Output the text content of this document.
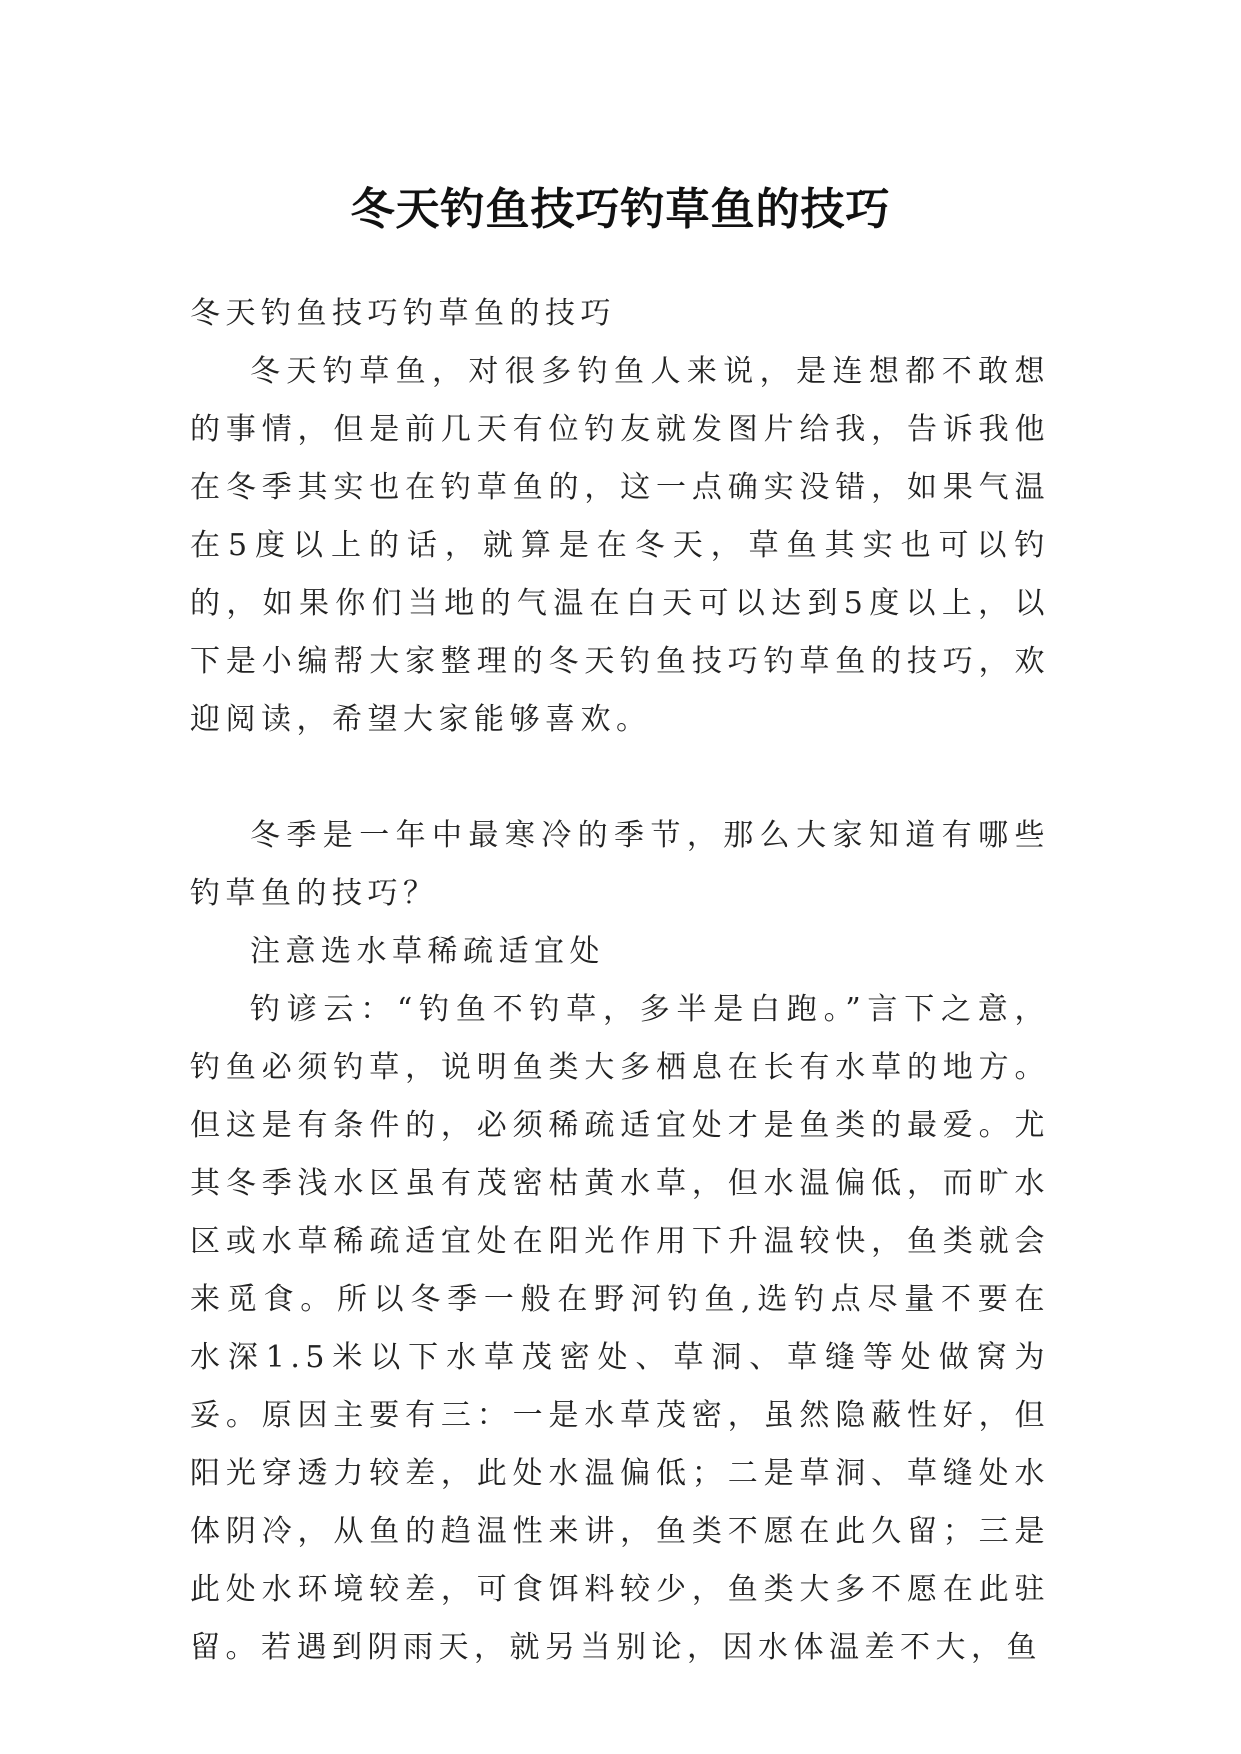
冬天钓鱼技巧钓草鱼的技巧

冬天钓鱼技巧钓草鱼的技巧

冬天钓草鱼，对很多钓鱼人来说，是连想都不敢想的事情，但是前几天有位钓友就发图片给我，告诉我他在冬季其实也在钓草鱼的，这一点确实没错，如果气温在5度以上的话，就算是在冬天，草鱼其实也可以钓的，如果你们当地的气温在白天可以达到5度以上，以下是小编帮大家整理的冬天钓鱼技巧钓草鱼的技巧，欢迎阅读，希望大家能够喜欢。

冬季是一年中最寒冷的季节，那么大家知道有哪些钓草鱼的技巧？

注意选水草稀疏适宜处

钓谚云：“钓鱼不钓草，多半是白跑。”言下之意，钓鱼必须钓草，说明鱼类大多栖息在长有水草的地方。但这是有条件的，必须稀疏适宜处才是鱼类的最爱。尤其冬季浅水区虽有茂密枯黄水草，但水温偏低，而旷水区或水草稀疏适宜处在阳光作用下升温较快，鱼类就会来觅食。所以冬季一般在野河钓鱼,选钓点尽量不要在水深1.5米以下水草茂密处、草洞、草缝等处做窝为妥。原因主要有三：一是水草茂密，虽然隐蔽性好，但阳光穿透力较差，此处水温偏低；二是草洞、草缝处水体阴冷，从鱼的趋温性来讲，鱼类不愿在此久留；三是此处水环境较差，可食饵料较少，鱼类大多不愿在此驻留。若遇到阴雨天，就另当别论，因水体温差不大，鱼
